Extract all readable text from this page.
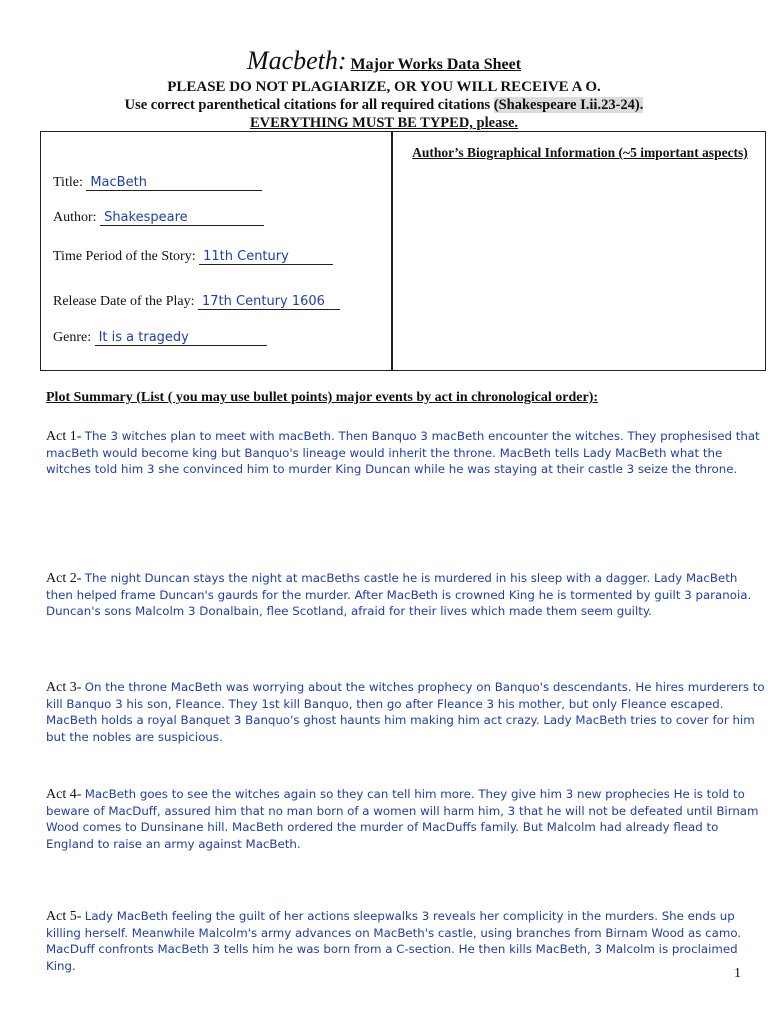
Macbeth: Major Works Data Sheet
PLEASE DO NOT PLAGIARIZE, OR YOU WILL RECEIVE A O.
Use correct parenthetical citations for all required citations (Shakespeare I.ii.23-24).
EVERYTHING MUST BE TYPED, please.
Title: MacBeth
Author: Shakespeare
Time Period of the Story: 11th Century
Release Date of the Play: 17th Century 1606
Genre: It is a tragedy
Author’s Biographical Information (~5 important aspects)
Plot Summary (List ( you may use bullet points) major events by act in chronological order):
Act 1- The 3 witches plan to meet with macBeth. Then Banquo 3 macBeth encounter the witches. They prophesised that macBeth would become king but Banquo's lineage would inherit the throne. MacBeth tells Lady MacBeth what the witches told him 3 she convinced him to murder King Duncan while he was staying at their castle 3 seize the throne.
Act 2- The night Duncan stays the night at macBeths castle he is murdered in his sleep with a dagger. Lady MacBeth then helped frame Duncan's gaurds for the murder. After MacBeth is crowned King he is tormented by guilt 3 paranoia. Duncan's sons Malcolm 3 Donalbain, flee Scotland, afraid for their lives which made them seem guilty.
Act 3- On the throne MacBeth was worrying about the witches prophecy on Banquo's descendants. He hires murderers to kill Banquo 3 his son, Fleance. They 1st kill Banquo, then go after Fleance 3 his mother, but only Fleance escaped. MacBeth holds a royal Banquet 3 Banquo's ghost haunts him making him act crazy. Lady MacBeth tries to cover for him but the nobles are suspicious.
Act 4- MacBeth goes to see the witches again so they can tell him more. They give him 3 new prophecies He is told to beware of MacDuff, assured him that no man born of a women will harm him, 3 that he will not be defeated until Birnam Wood comes to Dunsinane hill. MacBeth ordered the murder of MacDuffs family. But Malcolm had already flead to England to raise an army against MacBeth.
Act 5- Lady MacBeth feeling the guilt of her actions sleepwalks 3 reveals her complicity in the murders. She ends up killing herself. Meanwhile Malcolm's army advances on MacBeth's castle, using branches from Birnam Wood as camo. MacDuff confronts MacBeth 3 tells him he was born from a C-section. He then kills MacBeth, 3 Malcolm is proclaimed King.
1
